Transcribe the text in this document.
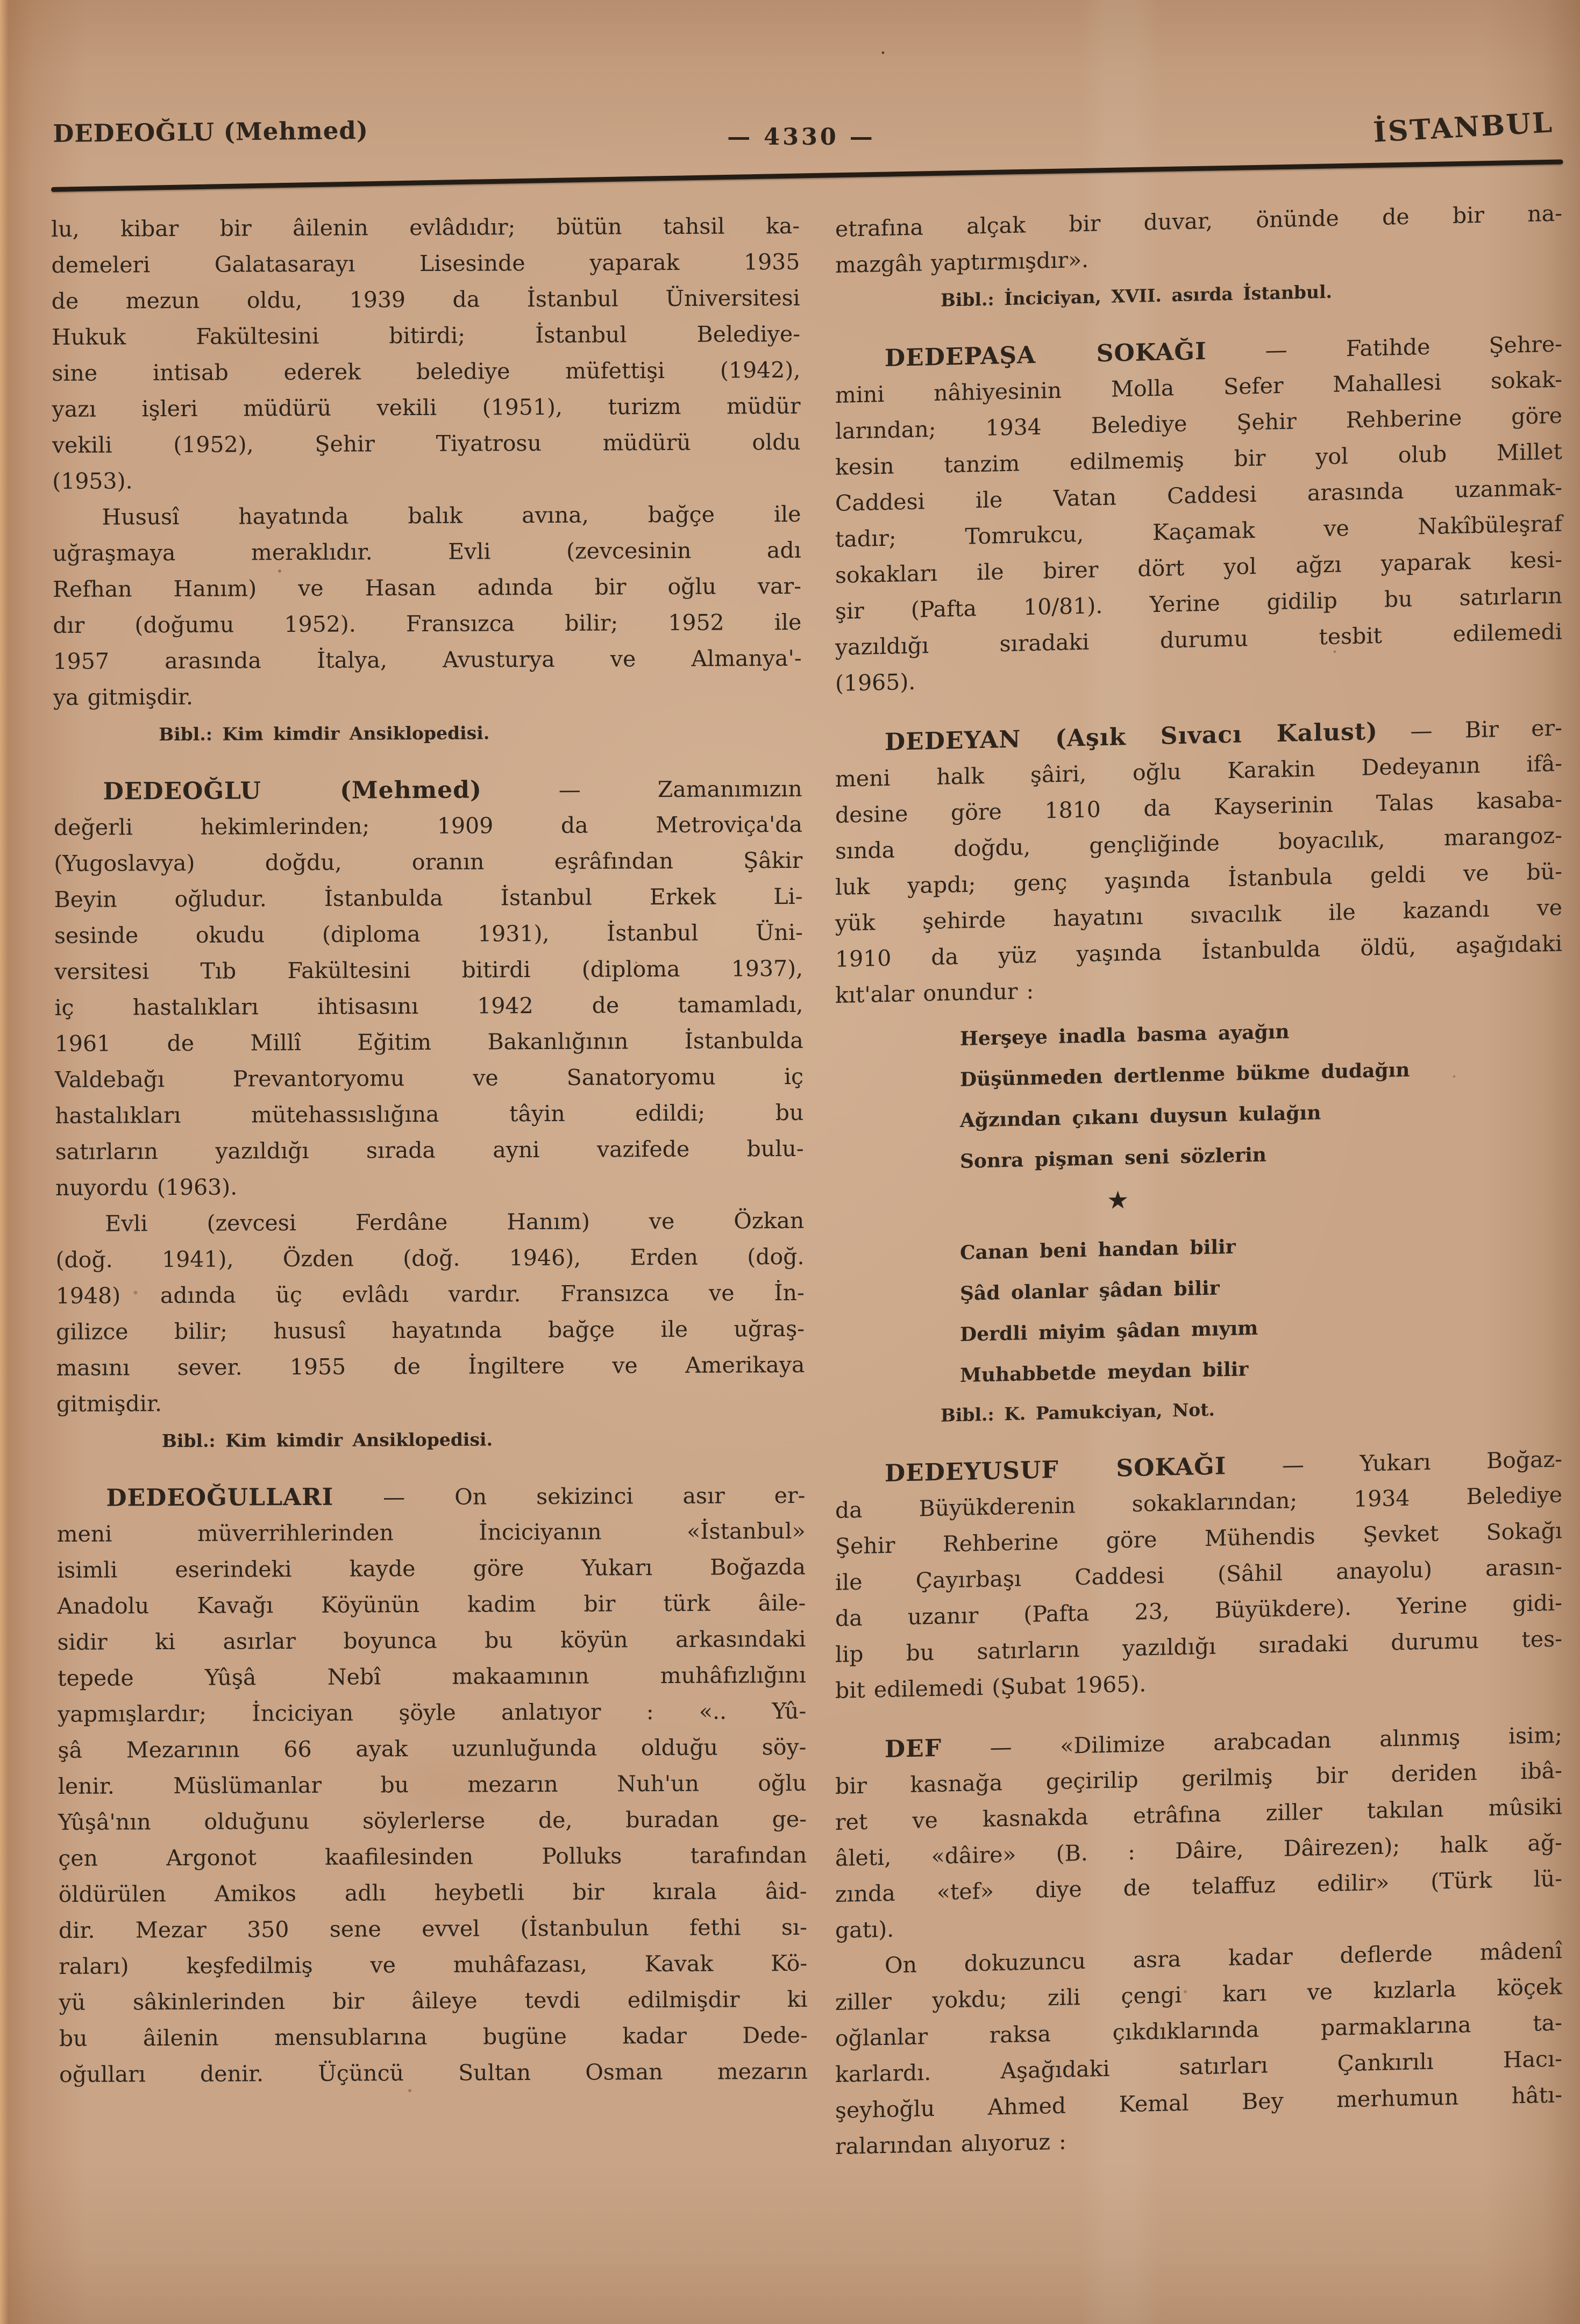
DEDEOĞLU (Mehmed)	— 4330 —	İSTANBUL
lu, kibar bir âilenin evlâdıdır; bütün tahsil ka-
demeleri Galatasarayı Lisesinde yaparak 1935
de mezun oldu, 1939 da İstanbul Üniversitesi
Hukuk Fakültesini bitirdi; İstanbul Belediye-
sine intisab ederek belediye müfettişi (1942),
yazı işleri müdürü vekili (1951), turizm müdür
vekili (1952), Şehir Tiyatrosu müdürü oldu
(1953).
Hususî hayatında balık avına, bağçe ile
uğraşmaya meraklıdır. Evli (zevcesinin adı
Refhan Hanım) ve Hasan adında bir oğlu var-
dır (doğumu 1952). Fransızca bilir; 1952 ile
1957 arasında İtalya, Avusturya ve Almanya'-
ya gitmişdir.
Bibl.: Kim kimdir Ansiklopedisi.
DEDEOĞLU (Mehmed) — Zamanımızın
değerli hekimlerinden; 1909 da Metroviça'da
(Yugoslavya) doğdu, oranın eşrâfından Şâkir
Beyin oğludur. İstanbulda İstanbul Erkek Li-
sesinde okudu (diploma 1931), İstanbul Üni-
versitesi Tıb Fakültesini bitirdi (diploma 1937),
iç hastalıkları ihtisasını 1942 de tamamladı,
1961 de Millî Eğitim Bakanlığının İstanbulda
Valdebağı Prevantoryomu ve Sanatoryomu iç
hastalıkları mütehassıslığına tâyin edildi; bu
satırların yazıldığı sırada ayni vazifede bulu-
nuyordu (1963).
Evli (zevcesi Ferdâne Hanım) ve Özkan
(doğ. 1941), Özden (doğ. 1946), Erden (doğ.
1948) adında üç evlâdı vardır. Fransızca ve İn-
gilizce bilir; hususî hayatında bağçe ile uğraş-
masını sever. 1955 de İngiltere ve Amerikaya
gitmişdir.
Bibl.: Kim kimdir Ansiklopedisi.
DEDEOĞULLARI — On sekizinci asır er-
meni müverrihlerinden İnciciyanın «İstanbul»
isimli eserindeki kayde göre Yukarı Boğazda
Anadolu Kavağı Köyünün kadim bir türk âile-
sidir ki asırlar boyunca bu köyün arkasındaki
tepede Yûşâ Nebî makaamının muhâfızlığını
yapmışlardır; İnciciyan şöyle anlatıyor : «.. Yû-
şâ Mezarının 66 ayak uzunluğunda olduğu söy-
lenir. Müslümanlar bu mezarın Nuh'un oğlu
Yûşâ'nın olduğunu söylerlerse de, buradan ge-
çen Argonot kaafilesinden Polluks tarafından
öldürülen Amikos adlı heybetli bir kırala âid-
dir. Mezar 350 sene evvel (İstanbulun fethi sı-
raları) keşfedilmiş ve muhâfazası, Kavak Kö-
yü sâkinlerinden bir âileye tevdi edilmişdir ki
bu âilenin mensublarına bugüne kadar Dede-
oğulları denir. Üçüncü Sultan Osman mezarın
etrafına alçak bir duvar, önünde de bir na-
mazgâh yaptırmışdır».
Bibl.: İnciciyan, XVII. asırda İstanbul.
DEDEPAŞA SOKAĞI — Fatihde Şehre-
mini nâhiyesinin Molla Sefer Mahallesi sokak-
larından; 1934 Belediye Şehir Rehberine göre
kesin tanzim edilmemiş bir yol olub Millet
Caddesi ile Vatan Caddesi arasında uzanmak-
tadır; Tomrukcu, Kaçamak ve Nakîbüleşraf
sokakları ile birer dört yol ağzı yaparak kesi-
şir (Pafta 10/81). Yerine gidilip bu satırların
yazıldığı sıradaki durumu tesbit edilemedi
(1965).
DEDEYAN (Aşık Sıvacı Kalust) — Bir er-
meni halk şâiri, oğlu Karakin Dedeyanın ifâ-
desine göre 1810 da Kayserinin Talas kasaba-
sında doğdu, gençliğinde boyacılık, marangoz-
luk yapdı; genç yaşında İstanbula geldi ve bü-
yük şehirde hayatını sıvacılık ile kazandı ve
1910 da yüz yaşında İstanbulda öldü, aşağıdaki
kıt'alar onundur :
Herşeye inadla basma ayağın
Düşünmeden dertlenme bükme dudağın
Ağzından çıkanı duysun kulağın
Sonra pişman seni sözlerin
★
Canan beni handan bilir
Şâd olanlar şâdan bilir
Derdli miyim şâdan mıyım
Muhabbetde meydan bilir
Bibl.: K. Pamukciyan, Not.
DEDEYUSUF SOKAĞI — Yukarı Boğaz-
da Büyükderenin sokaklarından; 1934 Belediye
Şehir Rehberine göre Mühendis Şevket Sokağı
ile Çayırbaşı Caddesi (Sâhil anayolu) arasın-
da uzanır (Pafta 23, Büyükdere). Yerine gidi-
lip bu satırların yazıldığı sıradaki durumu tes-
bit edilemedi (Şubat 1965).
DEF — «Dilimize arabcadan alınmış isim;
bir kasnağa geçirilip gerilmiş bir deriden ibâ-
ret ve kasnakda etrâfına ziller takılan mûsiki
âleti, «dâire» (B. : Dâire, Dâirezen); halk ağ-
zında «tef» diye de telaffuz edilir» (Türk lü-
gatı).
On dokuzuncu asra kadar deflerde mâdenî
ziller yokdu; zili çengi karı ve kızlarla köçek
oğlanlar raksa çıkdıklarında parmaklarına ta-
karlardı. Aşağıdaki satırları Çankırılı Hacı-
şeyhoğlu Ahmed Kemal Bey merhumun hâtı-
ralarından alıyoruz :
